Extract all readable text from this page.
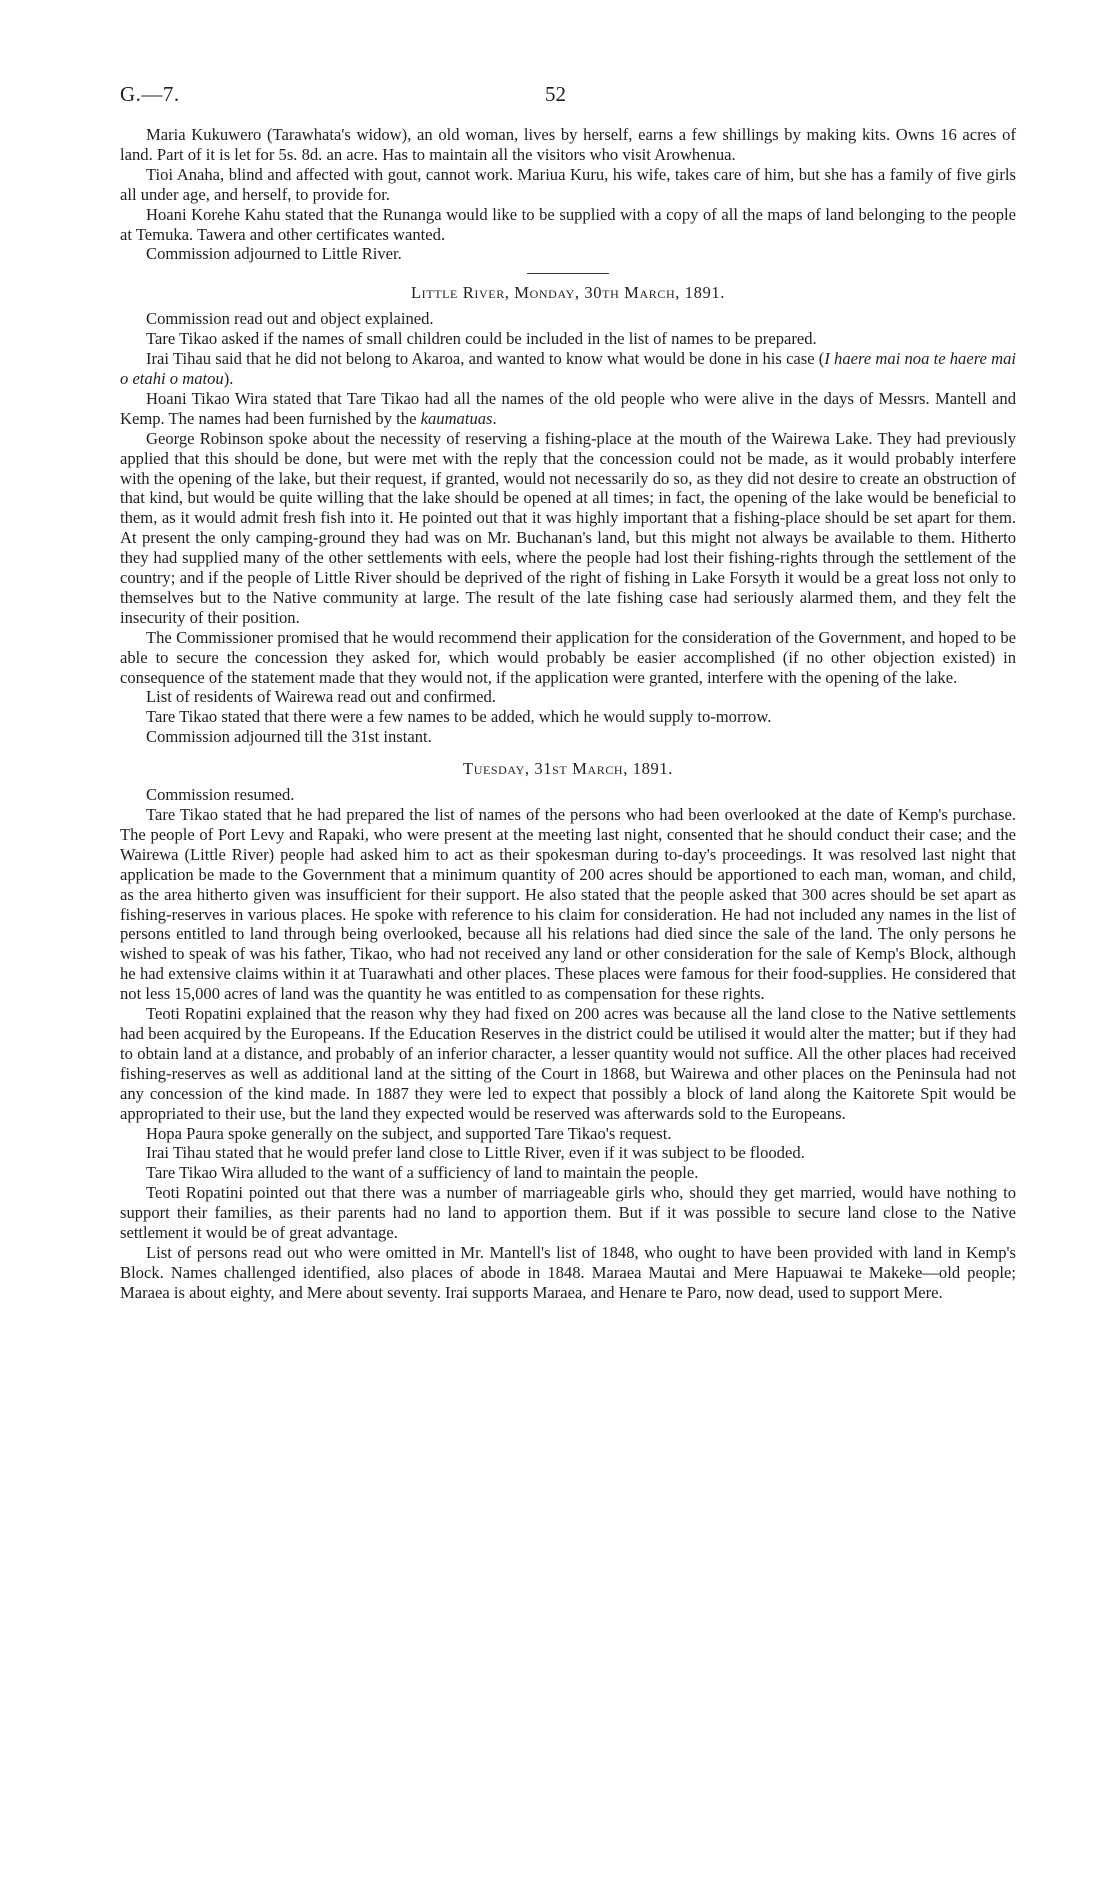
G.—7.	52

Maria Kukuwero (Tarawhata's widow), an old woman, lives by herself, earns a few shillings by making kits. Owns 16 acres of land. Part of it is let for 5s. 8d. an acre. Has to maintain all the visitors who visit Arowhenua.

Tioi Anaha, blind and affected with gout, cannot work. Mariua Kuru, his wife, takes care of him, but she has a family of five girls all under age, and herself, to provide for.

Hoani Korehe Kahu stated that the Runanga would like to be supplied with a copy of all the maps of land belonging to the people at Temuka. Tawera and other certificates wanted.

Commission adjourned to Little River.

Little River, Monday, 30th March, 1891.

Commission read out and object explained.

Tare Tikao asked if the names of small children could be included in the list of names to be prepared.

Irai Tihau said that he did not belong to Akaroa, and wanted to know what would be done in his case (I haere mai noa te haere mai o etahi o matou).

Hoani Tikao Wira stated that Tare Tikao had all the names of the old people who were alive in the days of Messrs. Mantell and Kemp. The names had been furnished by the kaumatuas.

George Robinson spoke about the necessity of reserving a fishing-place at the mouth of the Wairewa Lake. They had previously applied that this should be done, but were met with the reply that the concession could not be made, as it would probably interfere with the opening of the lake, but their request, if granted, would not necessarily do so, as they did not desire to create an obstruction of that kind, but would be quite willing that the lake should be opened at all times; in fact, the opening of the lake would be beneficial to them, as it would admit fresh fish into it. He pointed out that it was highly important that a fishing-place should be set apart for them. At present the only camping-ground they had was on Mr. Buchanan's land, but this might not always be available to them. Hitherto they had supplied many of the other settlements with eels, where the people had lost their fishing-rights through the settlement of the country; and if the people of Little River should be deprived of the right of fishing in Lake Forsyth it would be a great loss not only to themselves but to the Native community at large. The result of the late fishing case had seriously alarmed them, and they felt the insecurity of their position.

The Commissioner promised that he would recommend their application for the consideration of the Government, and hoped to be able to secure the concession they asked for, which would probably be easier accomplished (if no other objection existed) in consequence of the statement made that they would not, if the application were granted, interfere with the opening of the lake.

List of residents of Wairewa read out and confirmed.

Tare Tikao stated that there were a few names to be added, which he would supply to-morrow.

Commission adjourned till the 31st instant.

Tuesday, 31st March, 1891.

Commission resumed.

Tare Tikao stated that he had prepared the list of names of the persons who had been overlooked at the date of Kemp's purchase. The people of Port Levy and Rapaki, who were present at the meeting last night, consented that he should conduct their case; and the Wairewa (Little River) people had asked him to act as their spokesman during to-day's proceedings. It was resolved last night that application be made to the Government that a minimum quantity of 200 acres should be apportioned to each man, woman, and child, as the area hitherto given was insufficient for their support. He also stated that the people asked that 300 acres should be set apart as fishing-reserves in various places. He spoke with reference to his claim for consideration. He had not included any names in the list of persons entitled to land through being overlooked, because all his relations had died since the sale of the land. The only persons he wished to speak of was his father, Tikao, who had not received any land or other consideration for the sale of Kemp's Block, although he had extensive claims within it at Tuarawhati and other places. These places were famous for their food-supplies. He considered that not less 15,000 acres of land was the quantity he was entitled to as compensation for these rights.

Teoti Ropatini explained that the reason why they had fixed on 200 acres was because all the land close to the Native settlements had been acquired by the Europeans. If the Education Reserves in the district could be utilised it would alter the matter; but if they had to obtain land at a distance, and probably of an inferior character, a lesser quantity would not suffice. All the other places had received fishing-reserves as well as additional land at the sitting of the Court in 1868, but Wairewa and other places on the Peninsula had not any concession of the kind made. In 1887 they were led to expect that possibly a block of land along the Kaitorete Spit would be appropriated to their use, but the land they expected would be reserved was afterwards sold to the Europeans.

Hopa Paura spoke generally on the subject, and supported Tare Tikao's request.

Irai Tihau stated that he would prefer land close to Little River, even if it was subject to be flooded.

Tare Tikao Wira alluded to the want of a sufficiency of land to maintain the people.

Teoti Ropatini pointed out that there was a number of marriageable girls who, should they get married, would have nothing to support their families, as their parents had no land to apportion them. But if it was possible to secure land close to the Native settlement it would be of great advantage.

List of persons read out who were omitted in Mr. Mantell's list of 1848, who ought to have been provided with land in Kemp's Block. Names challenged identified, also places of abode in 1848. Maraea Mautai and Mere Hapuawai te Makeke—old people; Maraea is about eighty, and Mere about seventy. Irai supports Maraea, and Henare te Paro, now dead, used to support Mere.
